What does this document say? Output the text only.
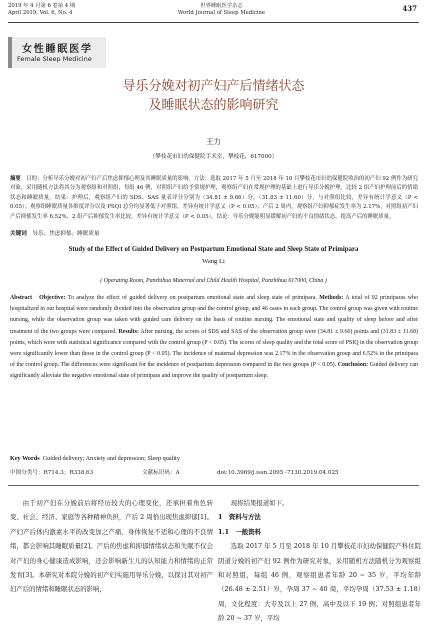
2019 年 4 月第 6 卷第 4 期
April 2019, Vol. 6, No. 4
世界睡眠医学杂志
World Journal of Sleep Medicine	437
女性睡眠医学
Female Sleep Medicine
导乐分娩对初产妇产后情绪状态
及睡眠状态的影响研究
王力
（攀枝花市妇幼保健院手术室，攀枝花，617000）
摘要　 目的：分析导乐分娩对初产妇产后焦虑抑郁心理及其睡眠质量的影响。方法：选取 2017 年 5 月至 2018 年 10 月攀枝花市妇幼保健院收治的初产妇 92 例作为研究对象，采用随机方法将其分为观察组和对照组，每组 46 例，对照组产妇给予常规护理，观察组产妇在常规护理的基础上进行导乐分娩护理，比较 2 组产妇护理前后的情绪状态和睡眠质量。结果：护理后，观察组产妇的 SDS、SAS 量表评分分别为（34.81 ± 9.66）分，（31.83 ± 11.60）分，与对照组比较，差异有统计学意义（P < 0.05）；观察组睡眠质量各维度评分以及 PSQI 总分均显著低于对照组，差异有统计学意义（P < 0.05）；产后 2 周内，观察组产妇抑郁症发生率为 2.17%，对照组初产妇产后抑郁发生率 6.52%，2 组产后抑郁发生率比较，差异有统计学意义（P < 0.05）。结论：导乐分娩能明显缓解初产妇的不良情绪状态，提高产后的睡眠质量。
关键词　 导乐；焦虑抑郁；睡眠质量
Study of the Effect of Guided Delivery on Postpartum Emotional State and Sleep State of Primipara
Wang Li
( Operating Room, Panzhihua Maternal and Child Health Hospital, Panzhihua 617000, China )
Abstract Objective: To analyze the effect of guided delivery on postpartum emotional state and sleep state of primipara. Methods: A total of 92 primiparas who hospitalized in our hospital were randomly divided into the observation group and the control group, and 46 cases in each group. The control group was given with routine nursing, while the observation group was taken with guided care delivery on the basis of routine nursing. The emotional state and quality of sleep before and after treatment of the two groups were compared. Results: After nursing, the scores of SDS and SAS of the observation group were (34.81 ± 9.66) points and (31.83 ± 11.60) points, which were with statistical significance compared with the control group (P < 0.05). The scores of sleep quality and the total score of PSIQ in the observation group were significantly lower than those in the control group (P < 0.05). The incidence of maternal depression was 2.17% in the observation group and 6.52% in the primipara of the control group. The differences were significant for the incidence of postpartum depression compared in the two groups (P < 0.05). Conclusion: Guided delivery can significantly alleviate the negative emotional state of primipara and improve the quality of postpartum sleep.
Key Words Guided delivery; Anxiety and depression; Sleep quality
中图分类号：R714.3；R338.63	文献标识码：A	doi:10.3969/j.issn.2095 -7130.2019.04.025

由于初产妇在分娩前后将经历较大的心理变化，还承担着角色转变、社会、经济、家庭等各种精神负担，产后 2 周恰出现焦虑抑郁[1]。产妇产后体内激素水平的改变加之产痛、身体恢复不适和心理的不良情绪，都会影响其睡眠质量[2]。产后的焦虑和抑郁情绪状态和失眠不仅会对产妇的身心健康造成影响，还会影响新生儿的认知能力和情绪的正常发育[3]。本研究对本院分娩的初产妇实施用导乐分娩，以探讨其对初产妇产后的情绪和睡眠状态的影响，

现将结果报道如下。

1　资料与方法

1.1　一般资料

选取 2017 年 5 月至 2018 年 10 月攀枝花市妇幼保健院产科住院阴道分娩的初产妇 92 例作为研究对象，采用随机方法随机分为观察组和对照组，每组 46 例，观察组患者年龄 20 ~ 35 岁，平均年龄（26.48 ± 2.51）岁，孕周 37 ~ 40 周，平均孕周（37.53 ± 1.18）周，文化程度：大专及以上 27 例，高中及以下 19 例；对照组患者年龄 20 ~ 37 岁，平均
